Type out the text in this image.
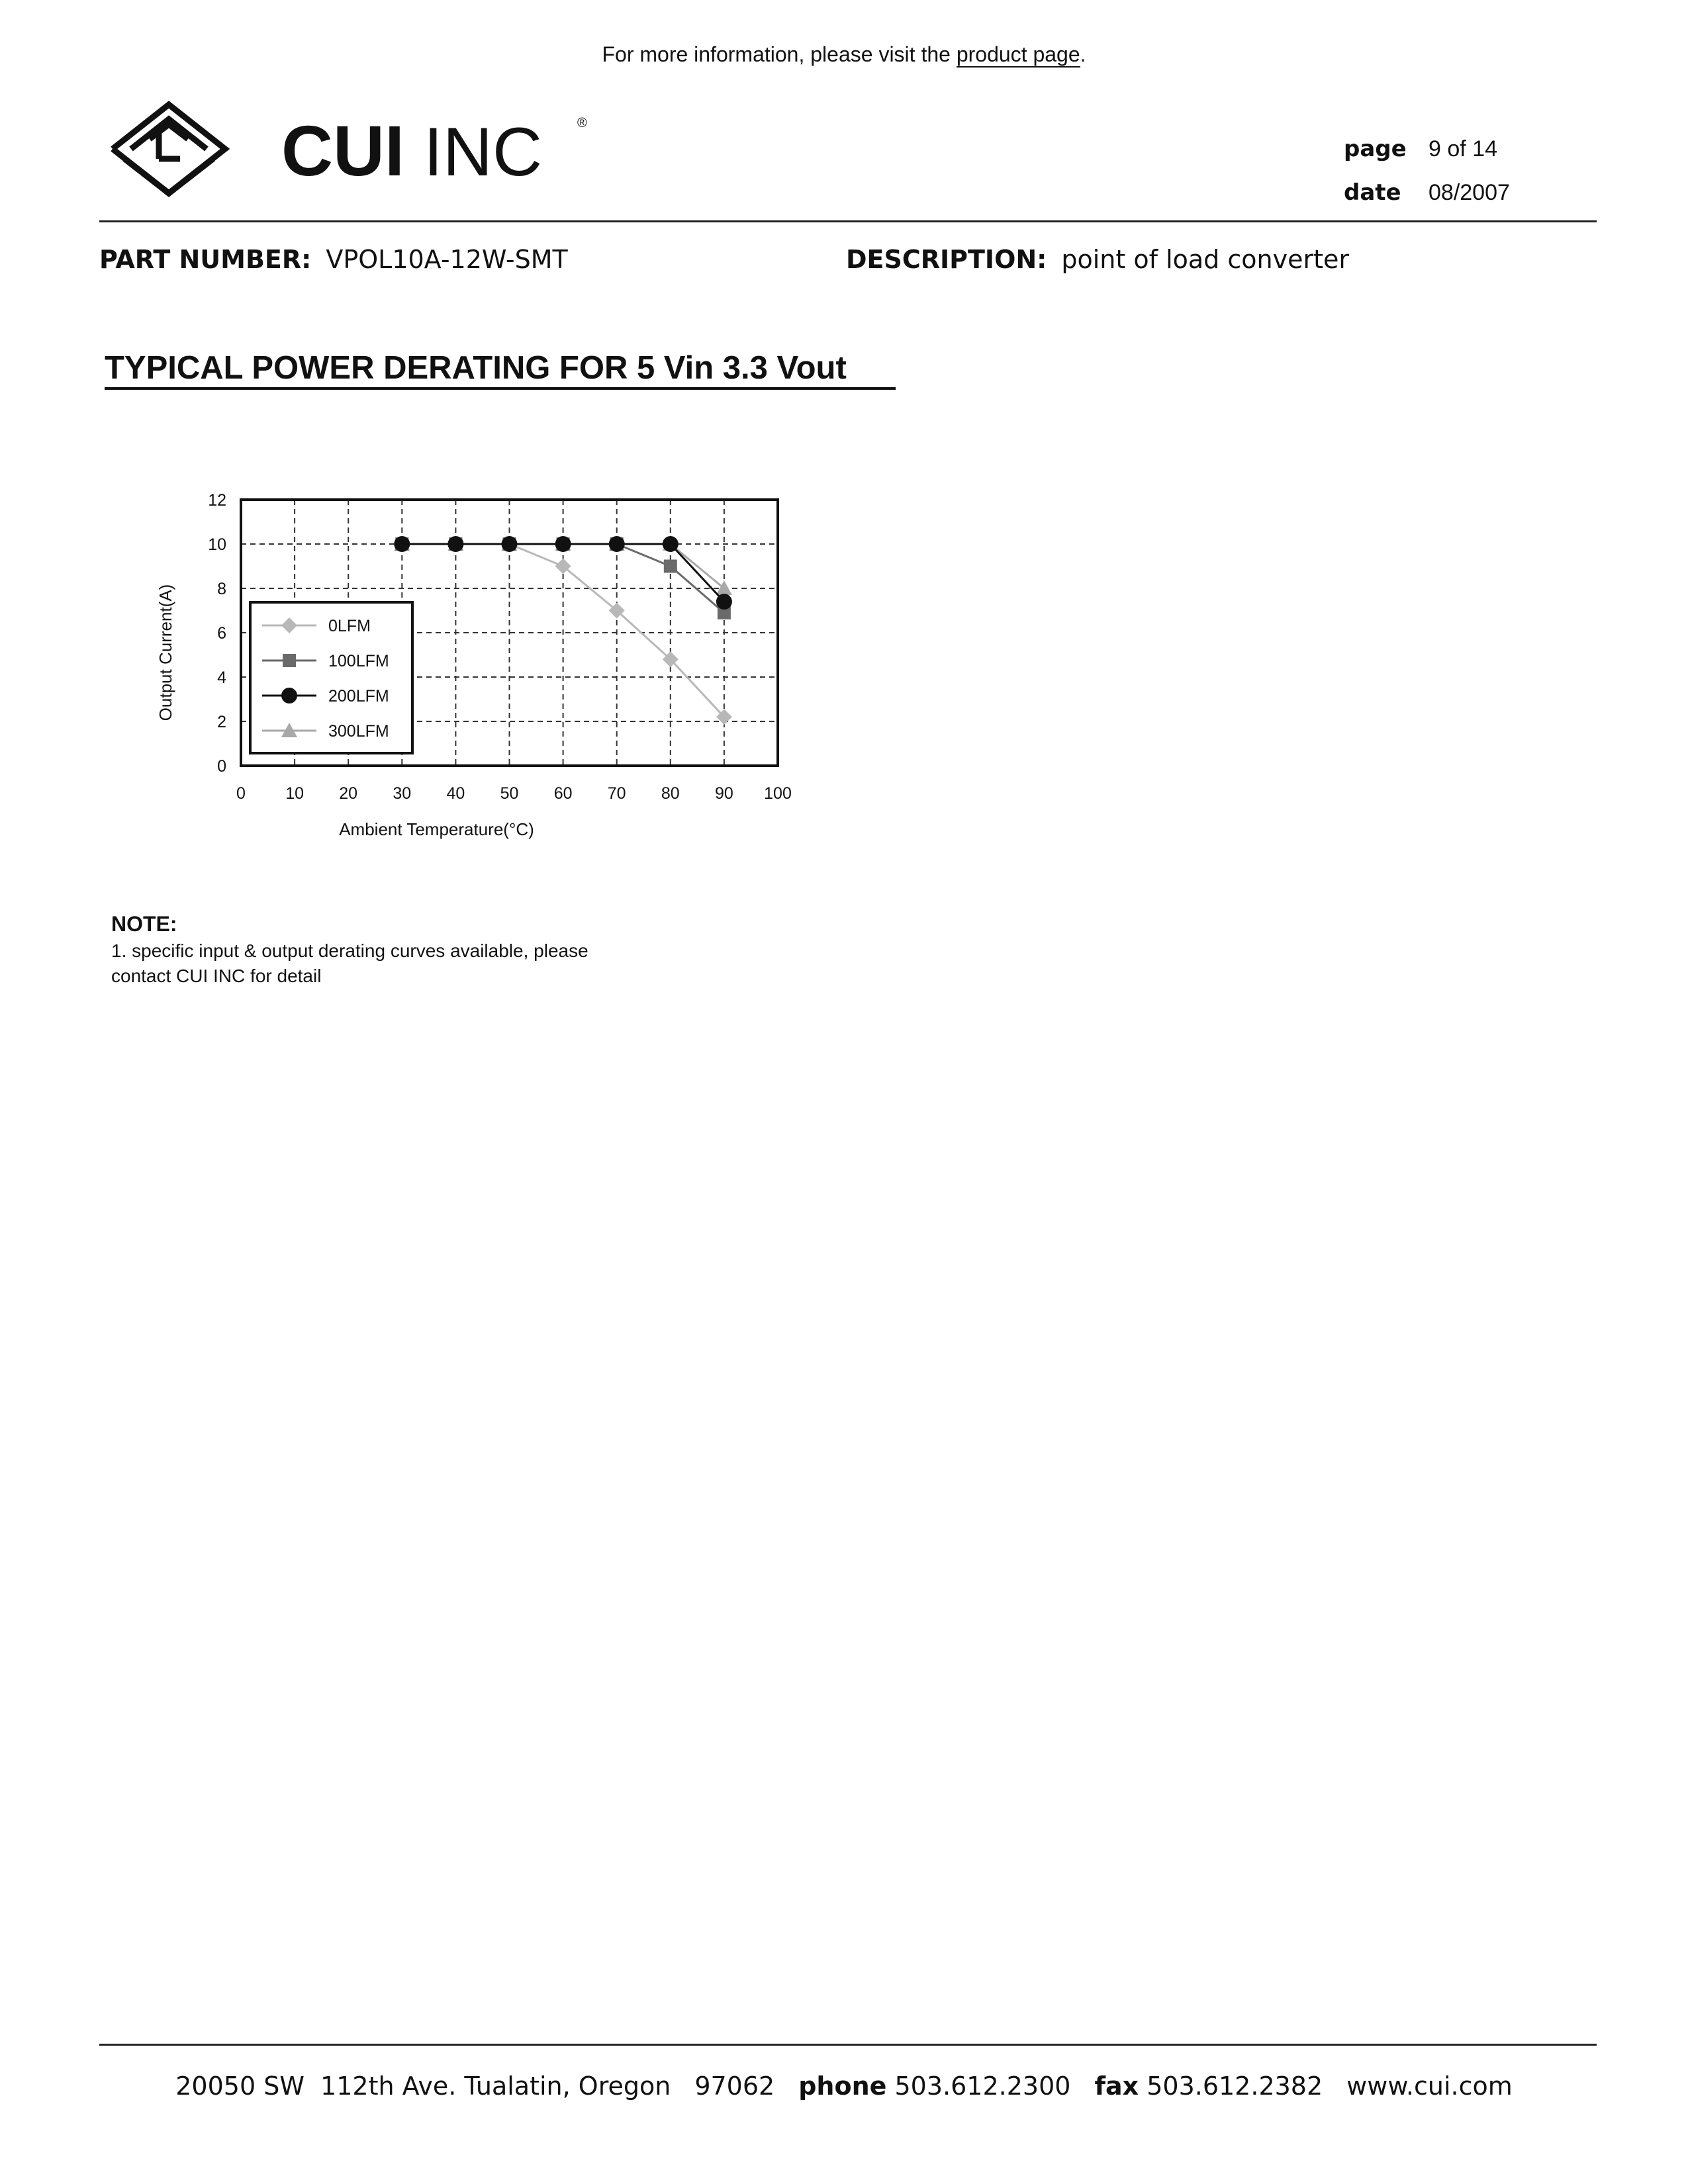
For more information, please visit the product page.
CUI INC	®
page 9 of 14
date 08/2007
PART NUMBER: VPOL10A-12W-SMT	DESCRIPTION: point of load converter
TYPICAL POWER DERATING FOR 5 Vin 3.3 Vout
0 10 20 30 40 50 60 70 80 90 100
0
2
4
6
8
10
12
Ambient Temperature(°C)
Output Current(A)	0LFM
100LFM
200LFM
300LFM
NOTE:
1. specific input & output derating curves available, please
contact CUI INC for detail
20050 SW  112th Ave. Tualatin, Oregon 97062 phone 503.612.2300 fax 503.612.2382 www.cui.com
